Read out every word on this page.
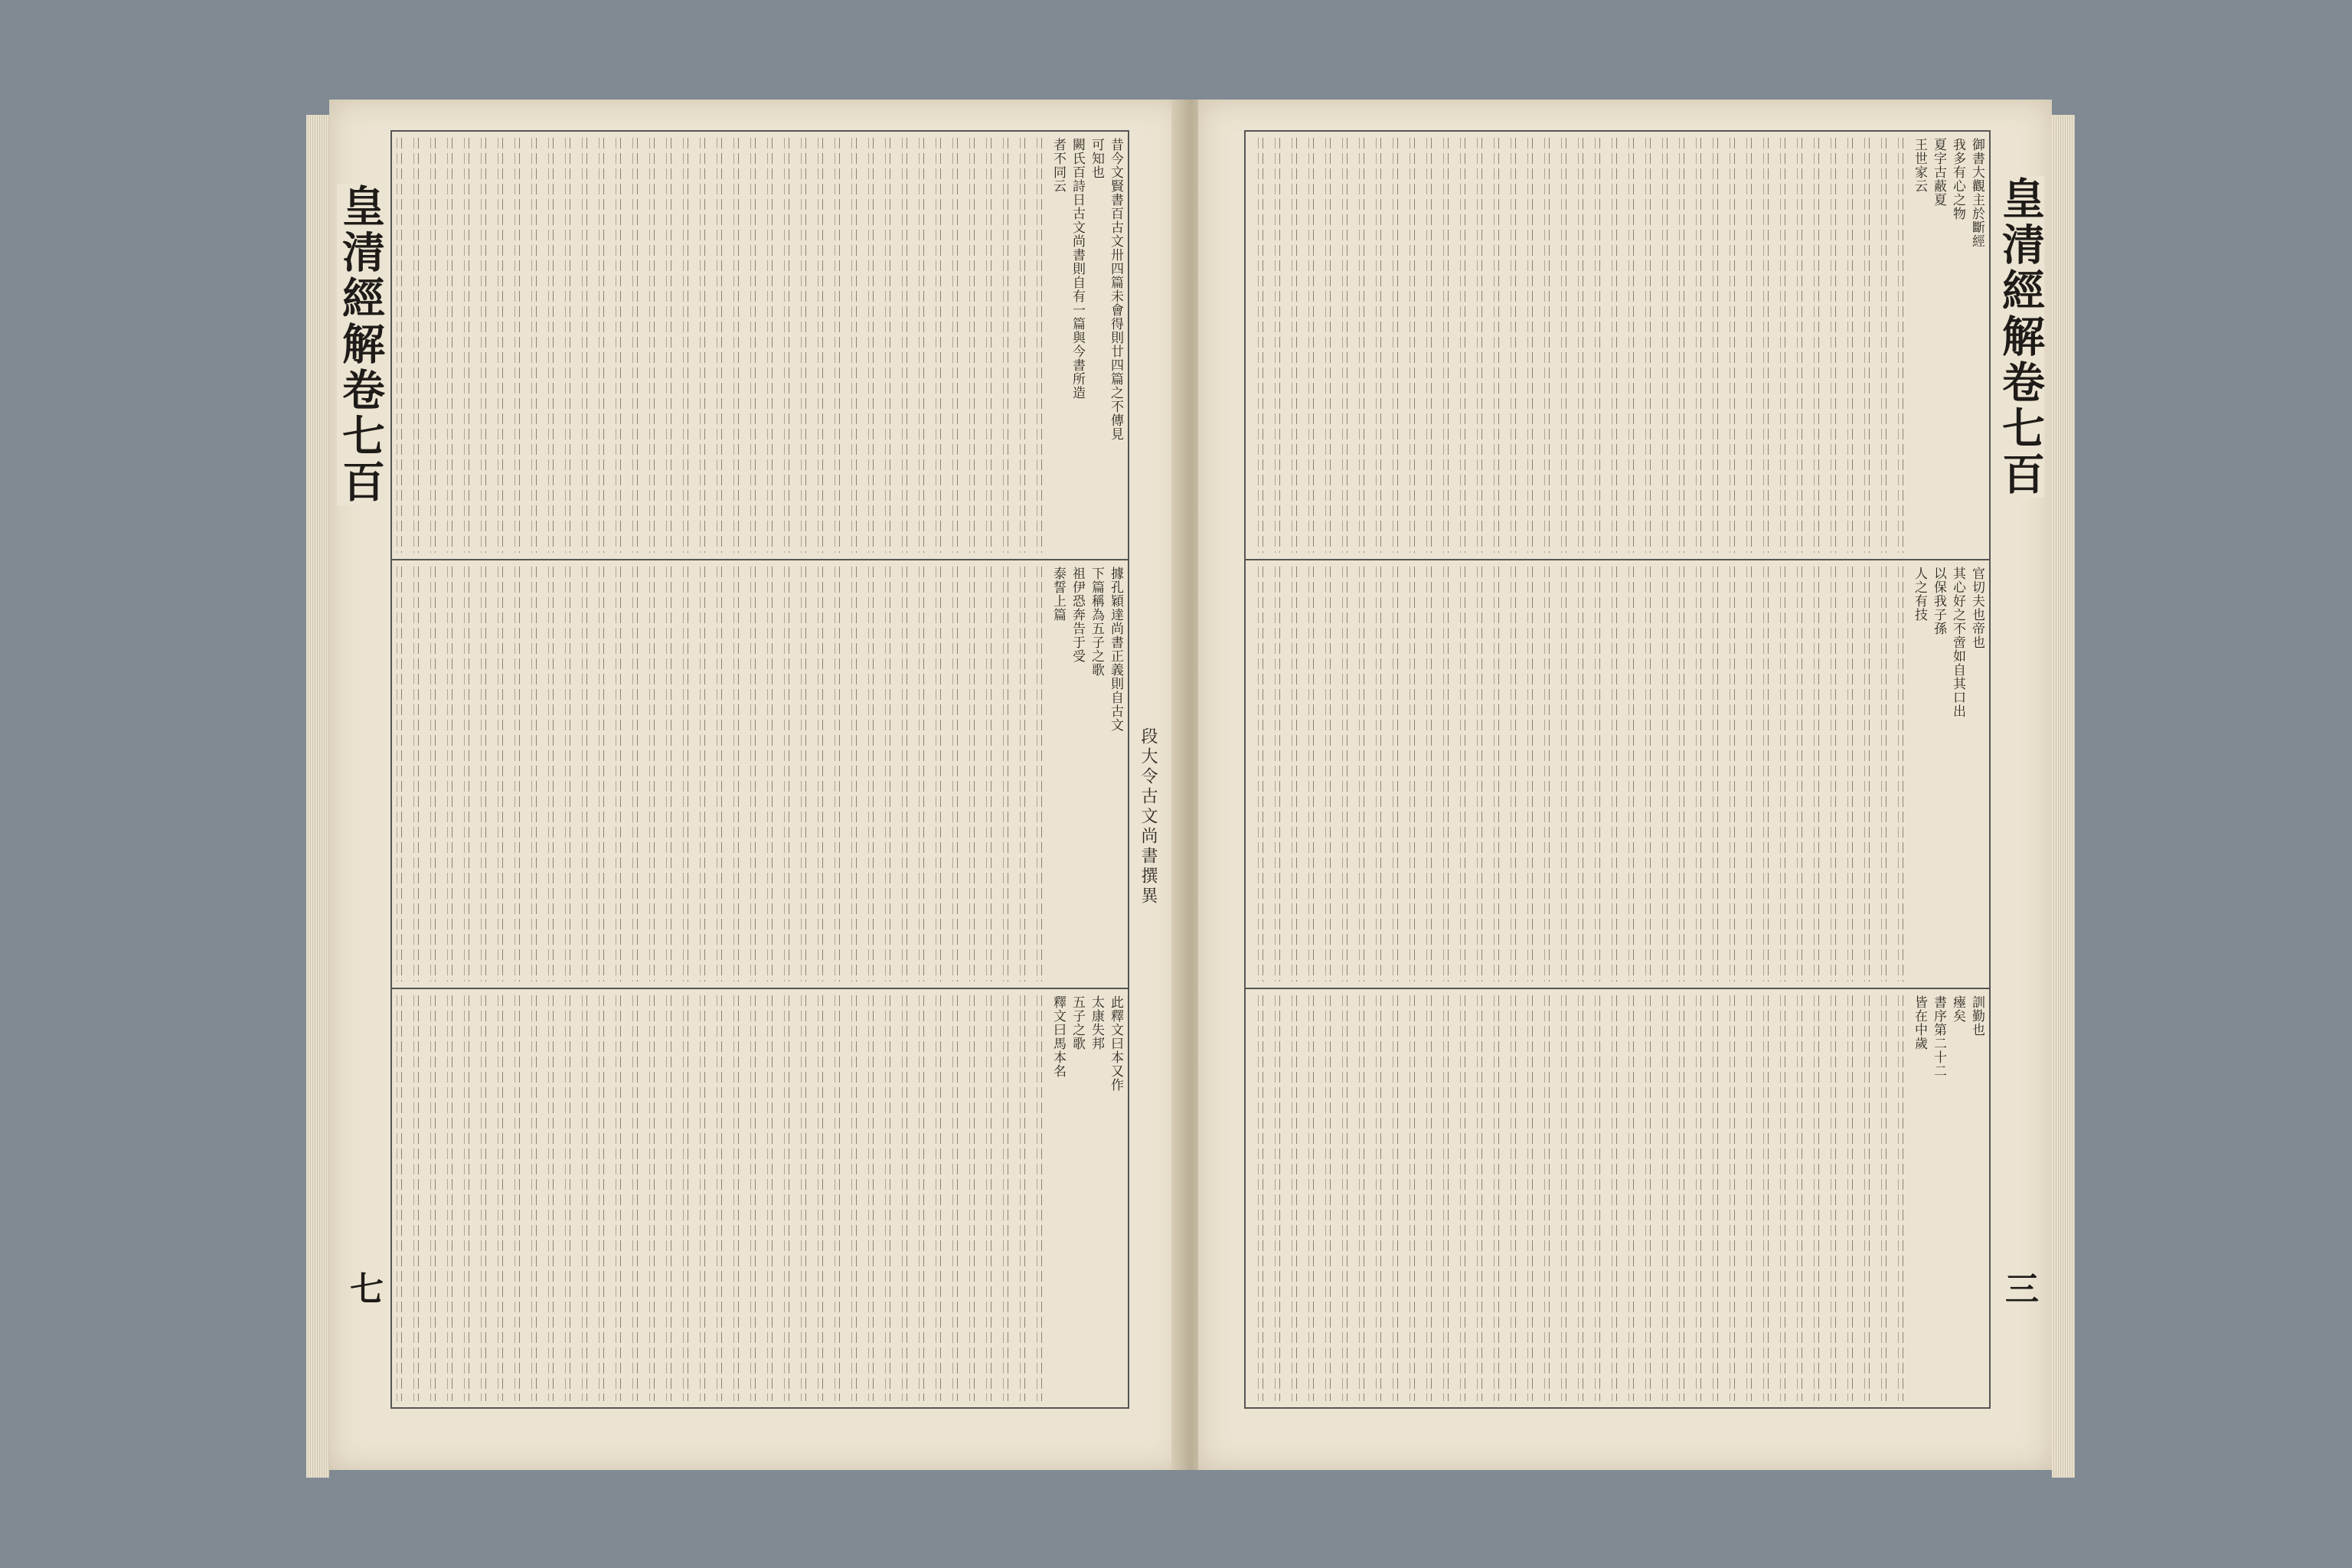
皇清經解卷七百
七
段大令古文尚書撰異
昔今文賢書百古文卅四篇未會得則廿四篇之不傳見
可知也
闕氏百詩日古文尚書則自有一篇與今書所造
者不同云
據孔穎達尚書正義則自古文
下篇稱為五子之歌
祖伊恐奔告于受
泰誓上篇
此釋文曰本又作
太康失邦
五子之歌
釋文曰馬本名
皇清經解卷七百
三
御書大觀主於斷經
我多有心之物
夏字古蔽夏
王世家云
官切夫也帝也
其心好之不啻如自其口出
以保我子孫
人之有技
訓勤也
瘞矣
書序第二十二
皆在中歲
